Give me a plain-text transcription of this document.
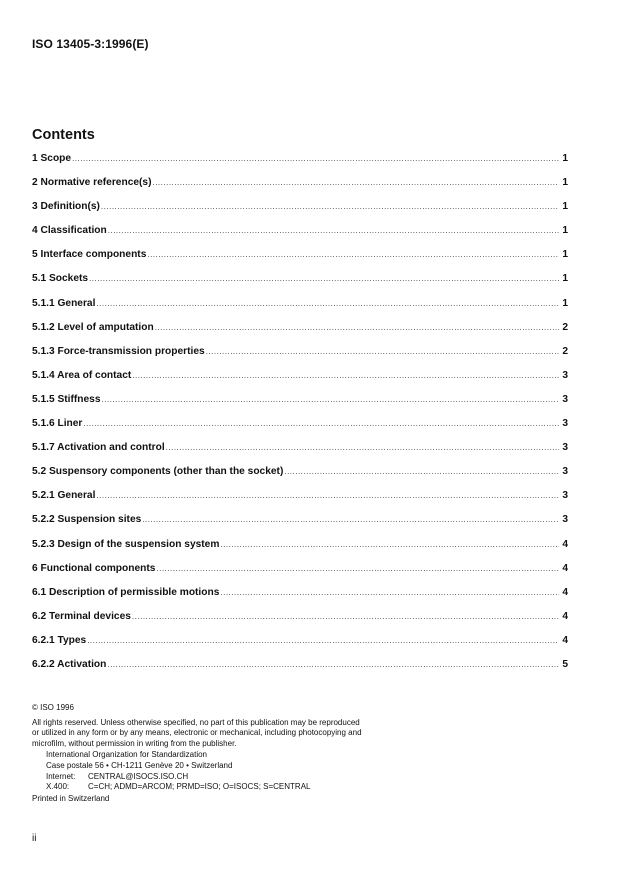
ISO 13405-3:1996(E)
Contents
1 Scope .....	1
2 Normative reference(s) .....	1
3 Definition(s) .....	1
4 Classification .....	1
5 Interface components .....	1
5.1 Sockets .....	1
5.1.1 General .....	1
5.1.2 Level of amputation .....	2
5.1.3 Force-transmission properties .....	2
5.1.4 Area of contact .....	3
5.1.5 Stiffness .....	3
5.1.6 Liner .....	3
5.1.7 Activation and control .....	3
5.2 Suspensory components (other than the socket) .....	3
5.2.1 General .....	3
5.2.2 Suspension sites .....	3
5.2.3 Design of the suspension system .....	4
6 Functional components .....	4
6.1 Description of permissible motions .....	4
6.2 Terminal devices .....	4
6.2.1 Types .....	4
6.2.2 Activation .....	5
© ISO 1996
All rights reserved. Unless otherwise specified, no part of this publication may be reproduced
or utilized in any form or by any means, electronic or mechanical, including photocopying and
microfilm, without permission in writing from the publisher.
International Organization for Standardization
Case postale 56 • CH-1211 Genève 20 • Switzerland
Internet:	CENTRAL@ISOCS.ISO.CH
X.400:	C=CH; ADMD=ARCOM; PRMD=ISO; O=ISOCS; S=CENTRAL
Printed in Switzerland
ii
